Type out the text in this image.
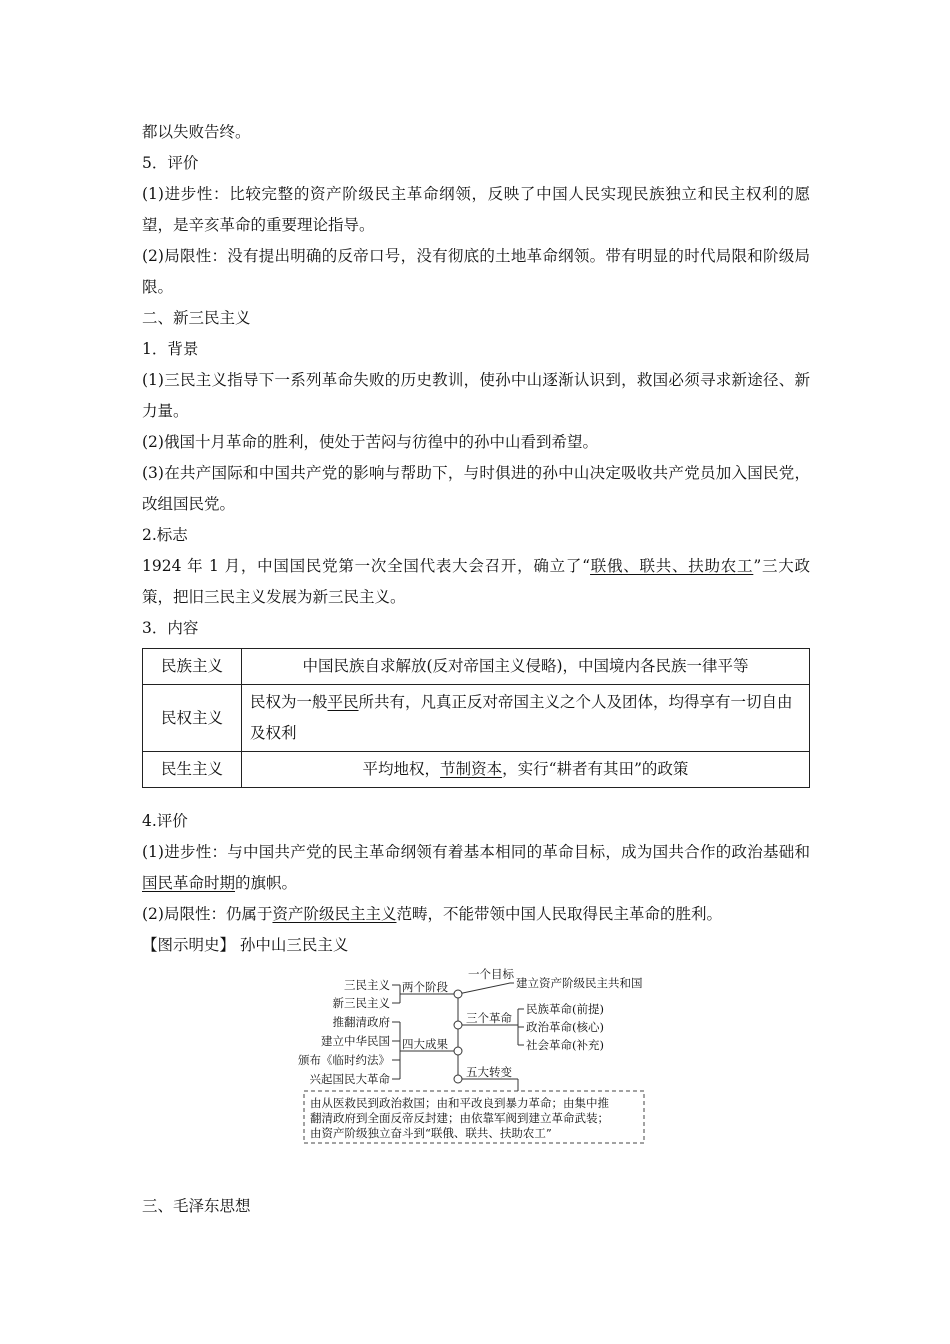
都以失败告终。

5．评价

(1)进步性：比较完整的资产阶级民主革命纲领，反映了中国人民实现民族独立和民主权利的愿望，是辛亥革命的重要理论指导。

(2)局限性：没有提出明确的反帝口号，没有彻底的土地革命纲领。带有明显的时代局限和阶级局限。

二、新三民主义

1．背景

(1)三民主义指导下一系列革命失败的历史教训，使孙中山逐渐认识到，救国必须寻求新途径、新力量。

(2)俄国十月革命的胜利，使处于苦闷与彷徨中的孙中山看到希望。

(3)在共产国际和中国共产党的影响与帮助下，与时俱进的孙中山决定吸收共产党员加入国民党，改组国民党。

2.标志

1924 年 1 月，中国国民党第一次全国代表大会召开，确立了“联俄、联共、扶助农工”三大政策，把旧三民主义发展为新三民主义。

3．内容

民族主义	中国民族自求解放(反对帝国主义侵略)，中国境内各民族一律平等
民权主义	民权为一般平民所共有，凡真正反对帝国主义之个人及团体，均得享有一切自由及权利
民生主义	平均地权，节制资本，实行“耕者有其田”的政策

4.评价

(1)进步性：与中国共产党的民主革命纲领有着基本相同的革命目标，成为国共合作的政治基础和国民革命时期的旗帜。

(2)局限性：仍属于资产阶级民主主义范畴，不能带领中国人民取得民主革命的胜利。

【图示明史】 孙中山三民主义

三民主义
新三民主义
推翻清政府
建立中华民国
颁布《临时约法》
兴起国民大革命
两个阶段
四大成果
一个目标
三个革命
五大转变
建立资产阶级民主共和国
民族革命(前提)
政治革命(核心)
社会革命(补充)
由从医救民到政治救国；由和平改良到暴力革命；由集中推
翻清政府到全面反帝反封建；由依靠军阀到建立革命武装；
由资产阶级独立奋斗到“联俄、联共、扶助农工”

三、毛泽东思想
